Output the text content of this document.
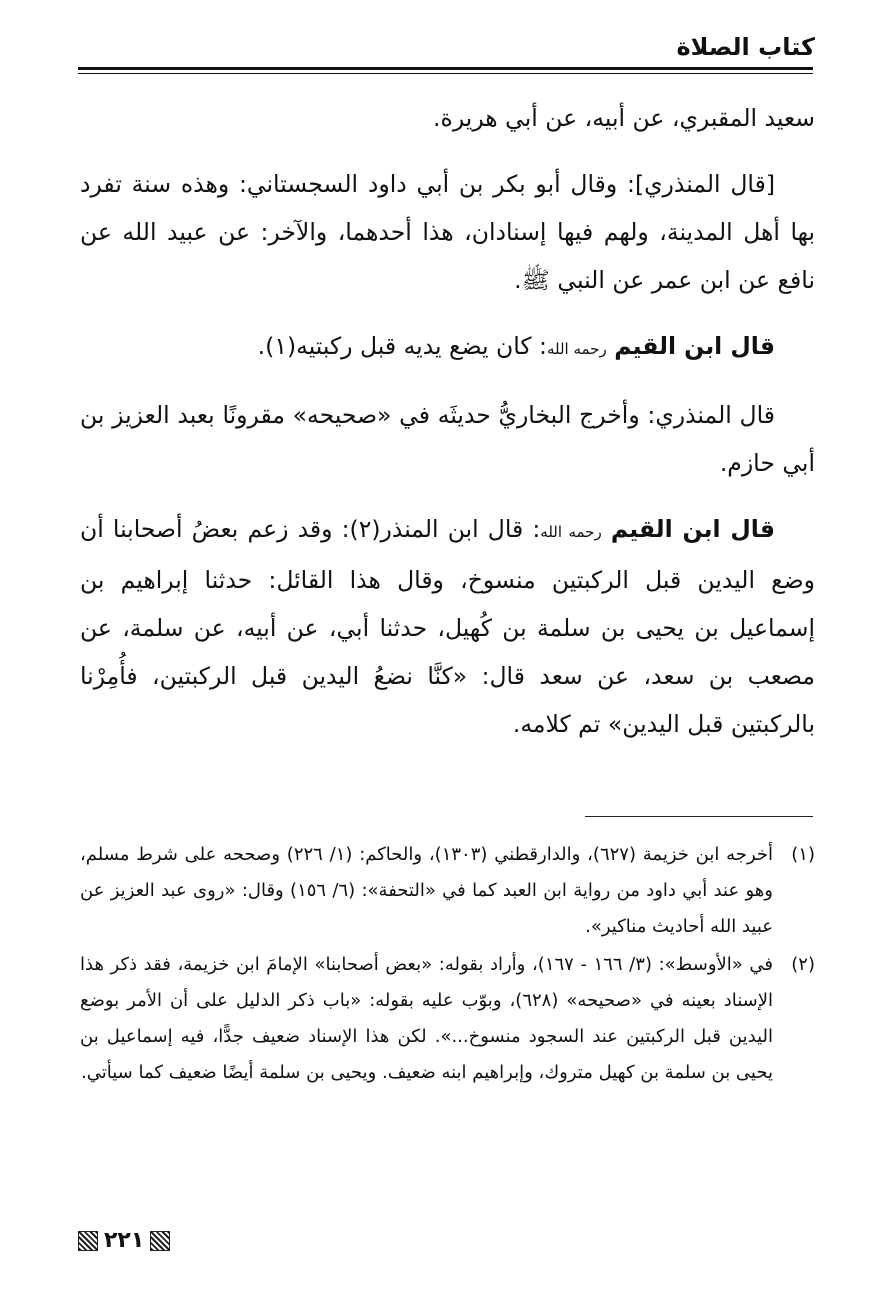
كتاب الصلاة

سعيد المقبري، عن أبيه، عن أبي هريرة.

[قال المنذري]: وقال أبو بكر بن أبي داود السجستاني: وهذه سنة تفرد بها أهل المدينة، ولهم فيها إسنادان، هذا أحدهما، والآخر: عن عبيد الله عن نافع عن ابن عمر عن النبي ﷺ.

قال ابن القيم رحمه الله: كان يضع يديه قبل ركبتيه(١).

قال المنذري: وأخرج البخاريُّ حديثَه في «صحيحه» مقرونًا بعبد العزيز بن أبي حازم.

قال ابن القيم رحمه الله: قال ابن المنذر(٢): وقد زعم بعضُ أصحابنا أن وضع اليدين قبل الركبتين منسوخ، وقال هذا القائل: حدثنا إبراهيم بن إسماعيل بن يحيى بن سلمة بن كُهيل، حدثنا أبي، عن أبيه، عن سلمة، عن مصعب بن سعد، عن سعد قال: «كنَّا نضعُ اليدين قبل الركبتين، فأُمِرْنا بالركبتين قبل اليدين» تم كلامه.

(١)
أخرجه ابن خزيمة (٦٢٧)، والدارقطني (١٣٠٣)، والحاكم: (١/ ٢٢٦) وصححه على شرط مسلم، وهو عند أبي داود من رواية ابن العبد كما في «التحفة»: (٦/ ١٥٦) وقال: «روى عبد العزيز عن عبيد الله أحاديث مناكير».
(٢)
في «الأوسط»: (٣/ ١٦٦ - ١٦٧)، وأراد بقوله: «بعض أصحابنا» الإمامَ ابن خزيمة، فقد ذكر هذا الإسناد بعينه في «صحيحه» (٦٢٨)، وبوّب عليه بقوله: «باب ذكر الدليل على أن الأمر بوضع اليدين قبل الركبتين عند السجود منسوخ...». لكن هذا الإسناد ضعيف جدًّا، فيه إسماعيل بن يحيى بن سلمة بن كهيل متروك، وإبراهيم ابنه ضعيف. ويحيى بن سلمة أيضًا ضعيف كما سيأتي.
٢٢١
